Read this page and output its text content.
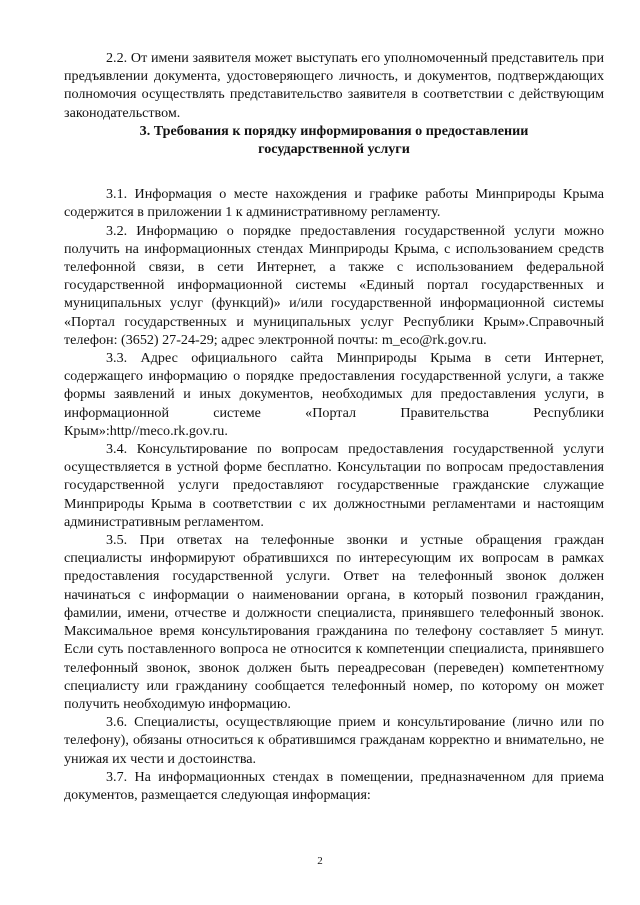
2.2. От имени заявителя может выступать его уполномоченный представитель при предъявлении документа, удостоверяющего личность, и документов, подтверждающих полномочия осуществлять представительство заявителя в соответствии с действующим законодательством.

3. Требования к порядку информирования о предоставлении государственной услуги

3.1. Информация о месте нахождения и графике работы Минприроды Крыма содержится в приложении 1 к административному регламенту.

3.2. Информацию о порядке предоставления государственной услуги можно получить на информационных стендах Минприроды Крыма, с использованием средств телефонной связи, в сети Интернет, а также с использованием федеральной государственной информационной системы «Единый портал государственных и муниципальных услуг (функций)» и/или государственной информационной системы «Портал государственных и муниципальных услуг Республики Крым».Справочный телефон: (3652) 27-24-29; адрес электронной почты: m_eco@rk.gov.ru.

3.3. Адрес официального сайта Минприроды Крыма в сети Интернет, содержащего информацию о порядке предоставления государственной услуги, а также формы заявлений и иных документов, необходимых для предоставления услуги, в информационной системе «Портал Правительства Республики Крым»:http//meco.rk.gov.ru.

3.4. Консультирование по вопросам предоставления государственной услуги осуществляется в устной форме бесплатно. Консультации по вопросам предоставления государственной услуги предоставляют государственные гражданские служащие Минприроды Крыма в соответствии с их должностными регламентами и настоящим административным регламентом.

3.5. При ответах на телефонные звонки и устные обращения граждан специалисты информируют обратившихся по интересующим их вопросам в рамках предоставления государственной услуги. Ответ на телефонный звонок должен начинаться с информации о наименовании органа, в который позвонил гражданин, фамилии, имени, отчестве и должности специалиста, принявшего телефонный звонок. Максимальное время консультирования гражданина по телефону составляет 5 минут. Если суть поставленного вопроса не относится к компетенции специалиста, принявшего телефонный звонок, звонок должен быть переадресован (переведен) компетентному специалисту или гражданину сообщается телефонный номер, по которому он может получить необходимую информацию.

3.6. Специалисты, осуществляющие прием и консультирование (лично или по телефону), обязаны относиться к обратившимся гражданам корректно и внимательно, не унижая их чести и достоинства.

3.7. На информационных стендах в помещении, предназначенном для приема документов, размещается следующая информация:

2
